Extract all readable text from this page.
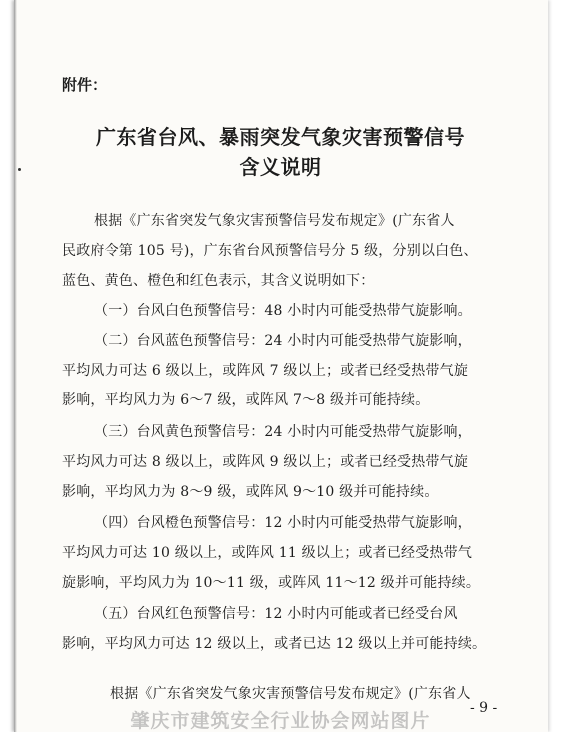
附件：
广东省台风、暴雨突发气象灾害预警信号
含义说明
根据《广东省突发气象灾害预警信号发布规定》(广东省人
民政府令第 105 号)，广东省台风预警信号分 5 级，分别以白色、
蓝色、黄色、橙色和红色表示，其含义说明如下：
（一）台风白色预警信号：48 小时内可能受热带气旋影响。
（二）台风蓝色预警信号：24 小时内可能受热带气旋影响，
平均风力可达 6 级以上，或阵风 7 级以上；或者已经受热带气旋
影响，平均风力为 6～7 级，或阵风 7～8 级并可能持续。
（三）台风黄色预警信号：24 小时内可能受热带气旋影响，
平均风力可达 8 级以上，或阵风 9 级以上；或者已经受热带气旋
影响，平均风力为 8～9 级，或阵风 9～10 级并可能持续。
（四）台风橙色预警信号：12 小时内可能受热带气旋影响，
平均风力可达 10 级以上，或阵风 11 级以上；或者已经受热带气
旋影响，平均风力为 10～11 级，或阵风 11～12 级并可能持续。
（五）台风红色预警信号：12 小时内可能或者已经受台风
影响，平均风力可达 12 级以上，或者已达 12 级以上并可能持续。
根据《广东省突发气象灾害预警信号发布规定》(广东省人
- 9 -
肇庆市建筑安全行业协会网站图片
